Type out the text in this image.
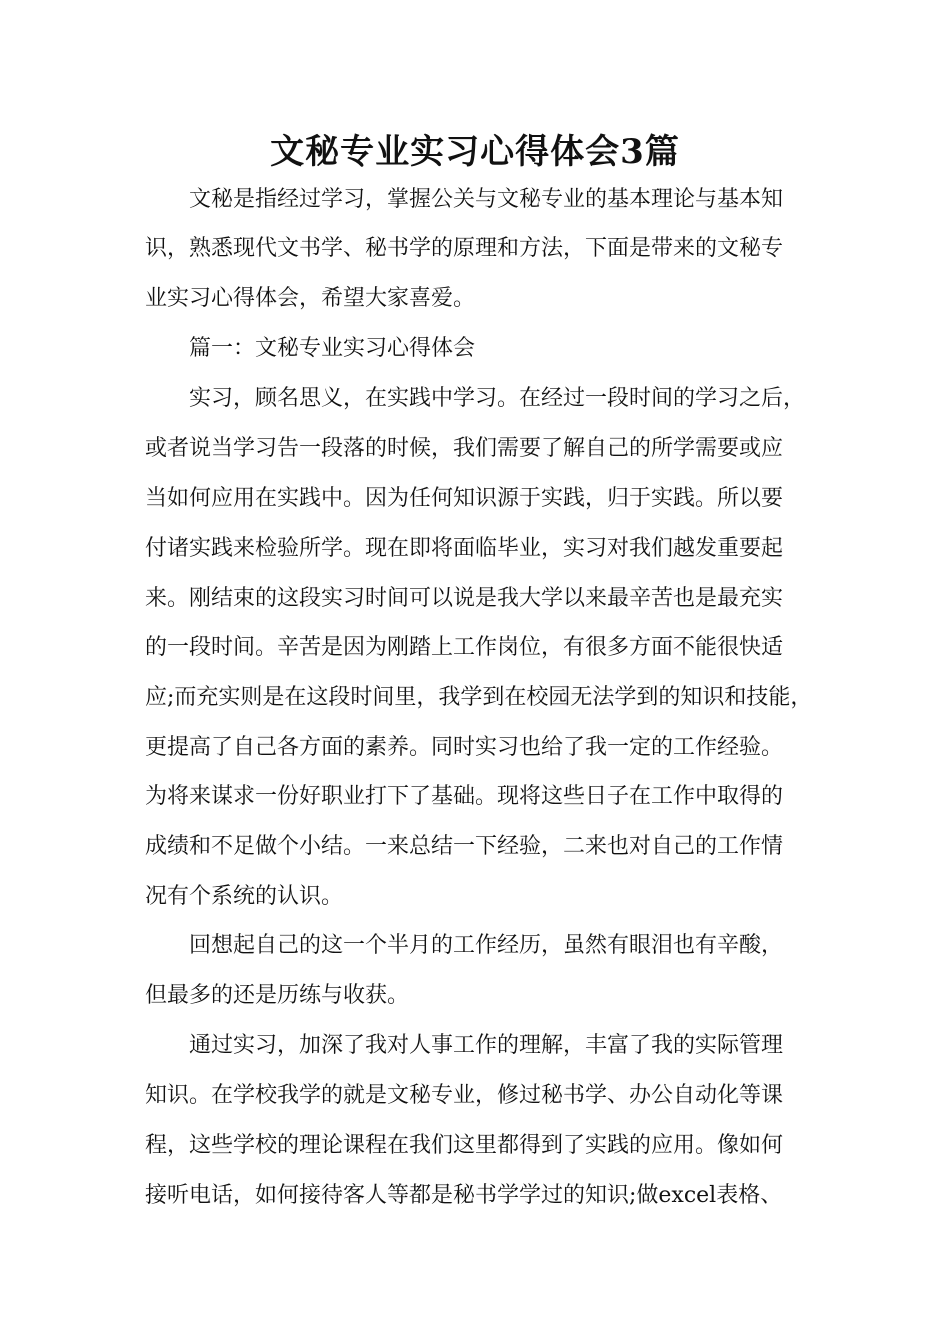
文秘专业实习心得体会3篇
文秘是指经过学习，掌握公关与文秘专业的基本理论与基本知
识，熟悉现代文书学、秘书学的原理和方法，下面是带来的文秘专
业实习心得体会，希望大家喜爱。
篇一：文秘专业实习心得体会
实习，顾名思义，在实践中学习。在经过一段时间的学习之后，
或者说当学习告一段落的时候，我们需要了解自己的所学需要或应
当如何应用在实践中。因为任何知识源于实践，归于实践。所以要
付诸实践来检验所学。现在即将面临毕业，实习对我们越发重要起
来。刚结束的这段实习时间可以说是我大学以来最辛苦也是最充实
的一段时间。辛苦是因为刚踏上工作岗位，有很多方面不能很快适
应;而充实则是在这段时间里，我学到在校园无法学到的知识和技能，
更提高了自己各方面的素养。同时实习也给了我一定的工作经验。
为将来谋求一份好职业打下了基础。现将这些日子在工作中取得的
成绩和不足做个小结。一来总结一下经验，二来也对自己的工作情
况有个系统的认识。
回想起自己的这一个半月的工作经历，虽然有眼泪也有辛酸，
但最多的还是历练与收获。
通过实习，加深了我对人事工作的理解，丰富了我的实际管理
知识。在学校我学的就是文秘专业，修过秘书学、办公自动化等课
程，这些学校的理论课程在我们这里都得到了实践的应用。像如何
接听电话，如何接待客人等都是秘书学学过的知识;做excel表格、
